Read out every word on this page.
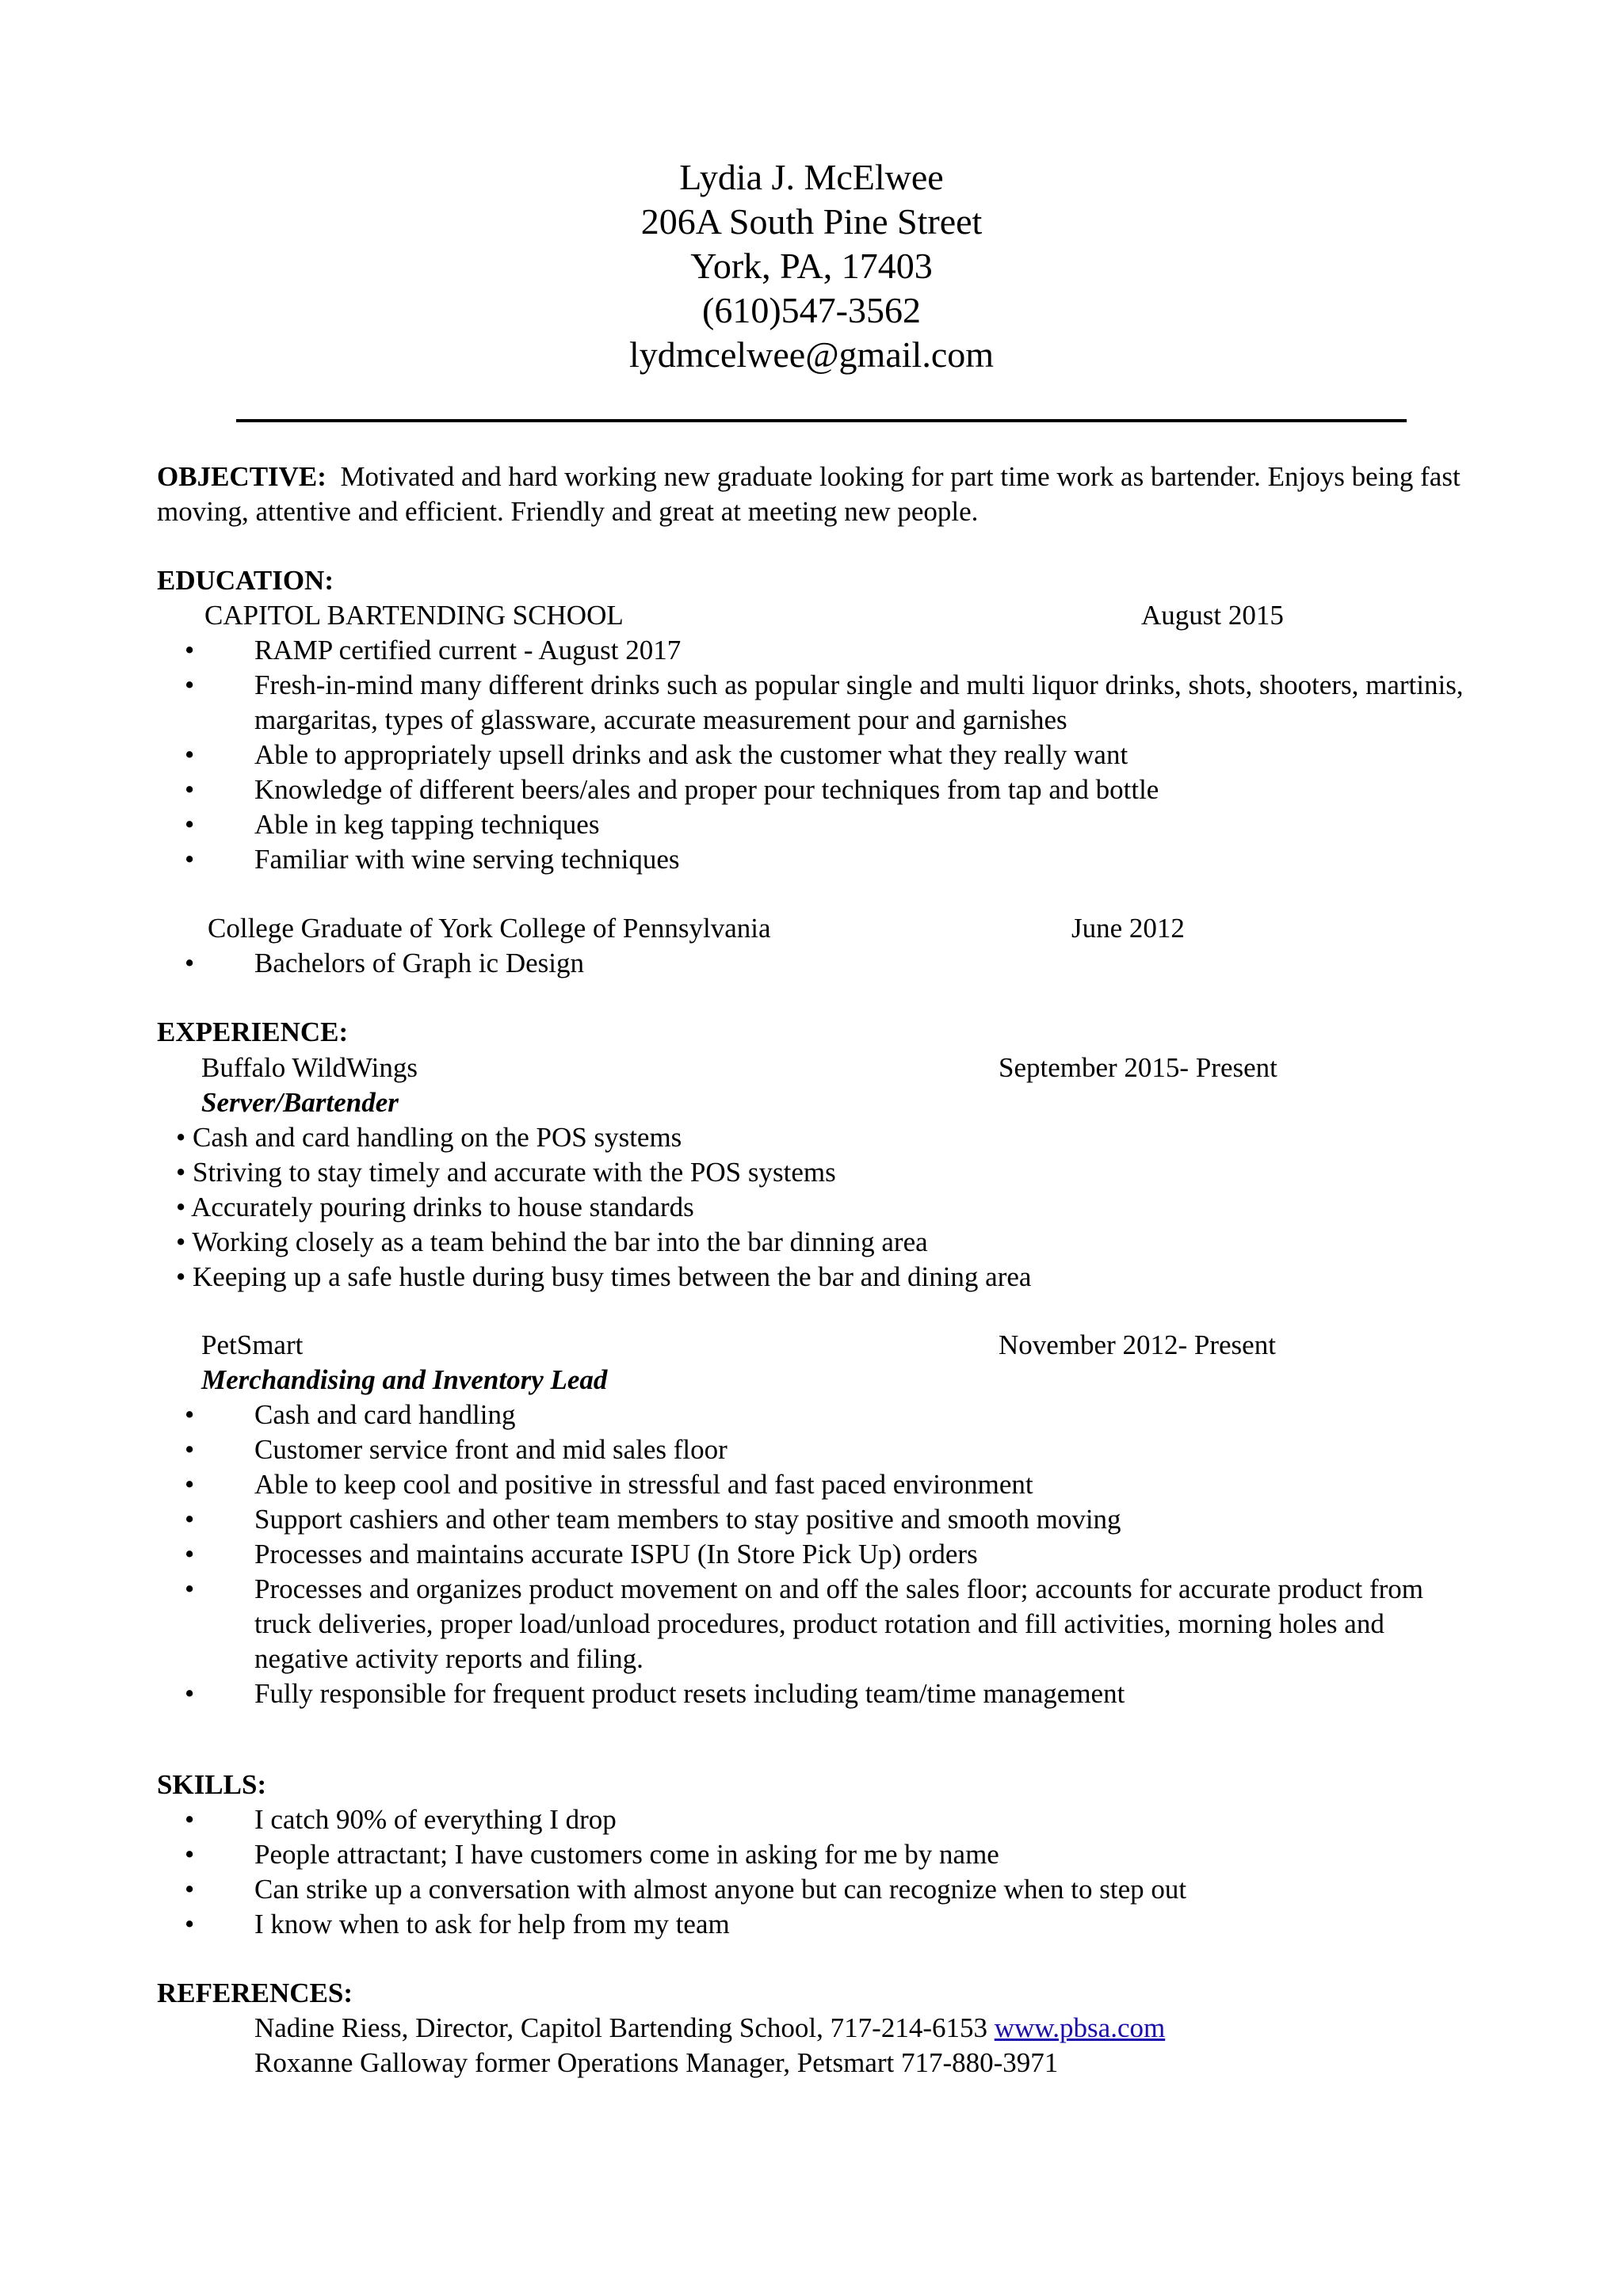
Lydia J. McElwee
206A South Pine Street
York, PA, 17403
(610)547-3562
lydmcelwee@gmail.com
OBJECTIVE: Motivated and hard working new graduate looking for part time work as bartender. Enjoys being fast moving, attentive and efficient. Friendly and great at meeting new people.
EDUCATION:
CAPITOL BARTENDING SCHOOL	August 2015
• RAMP certified current - August 2017
• Fresh-in-mind many different drinks such as popular single and multi liquor drinks, shots, shooters, martinis, margaritas, types of glassware, accurate measurement pour and garnishes
• Able to appropriately upsell drinks and ask the customer what they really want
• Knowledge of different beers/ales and proper pour techniques from tap and bottle
• Able in keg tapping techniques
• Familiar with wine serving techniques
College Graduate of York College of Pennsylvania	June 2012
• Bachelors of Graph ic Design
EXPERIENCE:
Buffalo WildWings	September 2015- Present
Server/Bartender
• Cash and card handling on the POS systems
• Striving to stay timely and accurate with the POS systems
• Accurately pouring drinks to house standards
• Working closely as a team behind the bar into the bar dinning area
• Keeping up a safe hustle during busy times between the bar and dining area
PetSmart	November 2012- Present
Merchandising and Inventory Lead
• Cash and card handling
• Customer service front and mid sales floor
• Able to keep cool and positive in stressful and fast paced environment
• Support cashiers and other team members to stay positive and smooth moving
• Processes and maintains accurate ISPU (In Store Pick Up) orders
• Processes and organizes product movement on and off the sales floor; accounts for accurate product from truck deliveries, proper load/unload procedures, product rotation and fill activities, morning holes and negative activity reports and filing.
• Fully responsible for frequent product resets including team/time management
SKILLS:
• I catch 90% of everything I drop
• People attractant; I have customers come in asking for me by name
• Can strike up a conversation with almost anyone but can recognize when to step out
• I know when to ask for help from my team
REFERENCES:
Nadine Riess, Director, Capitol Bartending School, 717-214-6153 www.pbsa.com
Roxanne Galloway former Operations Manager, Petsmart 717-880-3971
